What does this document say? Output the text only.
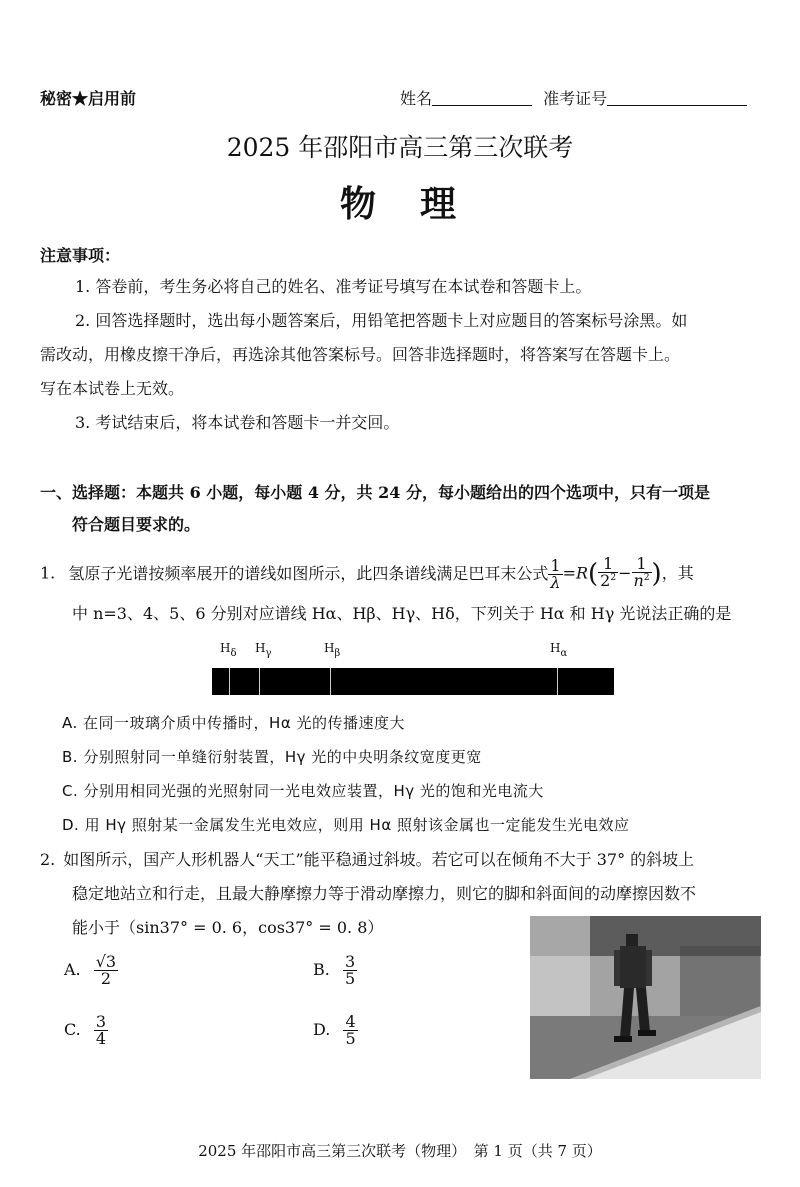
秘密★启用前	姓名	准考证号
2025 年邵阳市高三第三次联考
物　理
注意事项：
1. 答卷前，考生务必将自己的姓名、准考证号填写在本试卷和答题卡上。
2. 回答选择题时，选出每小题答案后，用铅笔把答题卡上对应题目的答案标号涂黑。如
需改动，用橡皮擦干净后，再选涂其他答案标号。回答非选择题时，将答案写在答题卡上。
写在本试卷上无效。
3. 考试结束后，将本试卷和答题卡一并交回。
一、选择题：本题共 6 小题，每小题 4 分，共 24 分，每小题给出的四个选项中，只有一项是
符合题目要求的。
1. 氢原子光谱按频率展开的谱线如图所示，此四条谱线满足巴耳末公式 $\frac{1}{\lambda} =R( \frac{1}{2^2} - \frac{1}{n^2}$ )，其
中 n=3、4、5、6 分别对应谱线 Hα、Hβ、Hγ、Hδ，下列关于 Hα 和 Hγ 光说法正确的是
$H_\delta$ $H_\gamma$	$H_\beta$	$H_\alpha$
A. 在同一玻璃介质中传播时，Hα 光的传播速度大
B. 分别照射同一单缝衍射装置，Hγ 光的中央明条纹宽度更宽
C. 分别用相同光强的光照射同一光电效应装置，Hγ 光的饱和光电流大
D. 用 Hγ 照射某一金属发生光电效应，则用 Hα 照射该金属也一定能发生光电效应
2. 如图所示，国产人形机器人“天工”能平稳通过斜坡。若它可以在倾角不大于 37° 的斜坡上
稳定地站立和行走，且最大静摩擦力等于滑动摩擦力，则它的脚和斜面间的动摩擦因数不
能小于（sin37° = 0. 6，cos37° = 0. 8）
A. $\frac{√3}{2}$	B. $\frac{3}{5}$
C. $\frac{3}{4}$	D. $\frac{4}{5}$
2025 年邵阳市高三第三次联考（物理）　第 1 页（共 7 页）
